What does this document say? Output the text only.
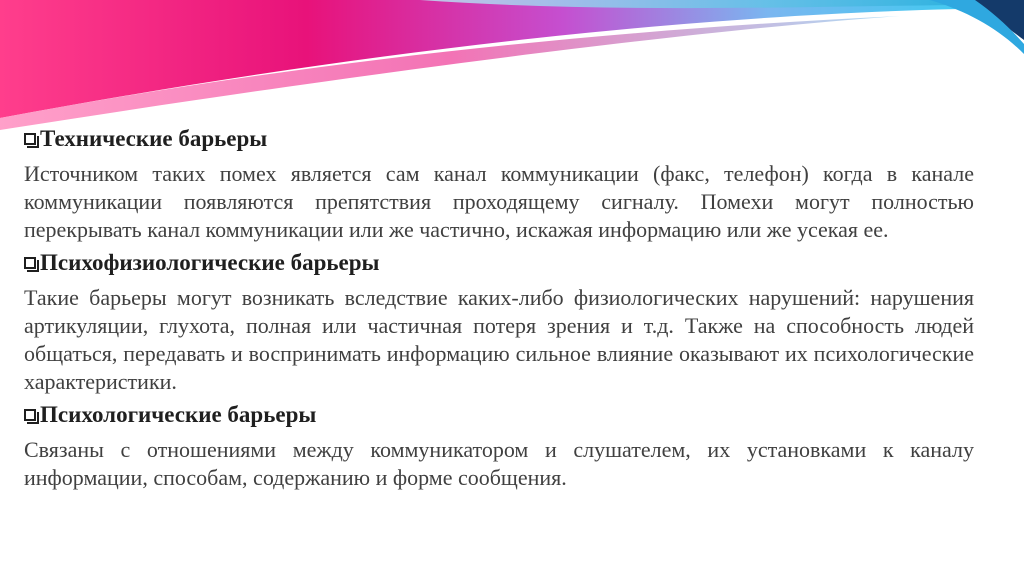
Технические барьеры

Источником таких помех является сам канал коммуникации (факс, телефон) когда в канале коммуникации появляются препятствия проходящему сигналу. Помехи могут полностью перекрывать канал коммуникации или же частично, искажая информацию или же усекая ее.

Психофизиологические барьеры

Такие барьеры могут возникать вследствие каких-либо физиологических нарушений: нарушения артикуляции, глухота, полная или частичная потеря зрения и т.д. Также на способность людей общаться, передавать и воспринимать информацию сильное влияние оказывают их психологические характеристики.

Психологические барьеры

Связаны с отношениями между коммуникатором и слушателем, их установками к каналу информации, способам, содержанию и форме сообщения.
